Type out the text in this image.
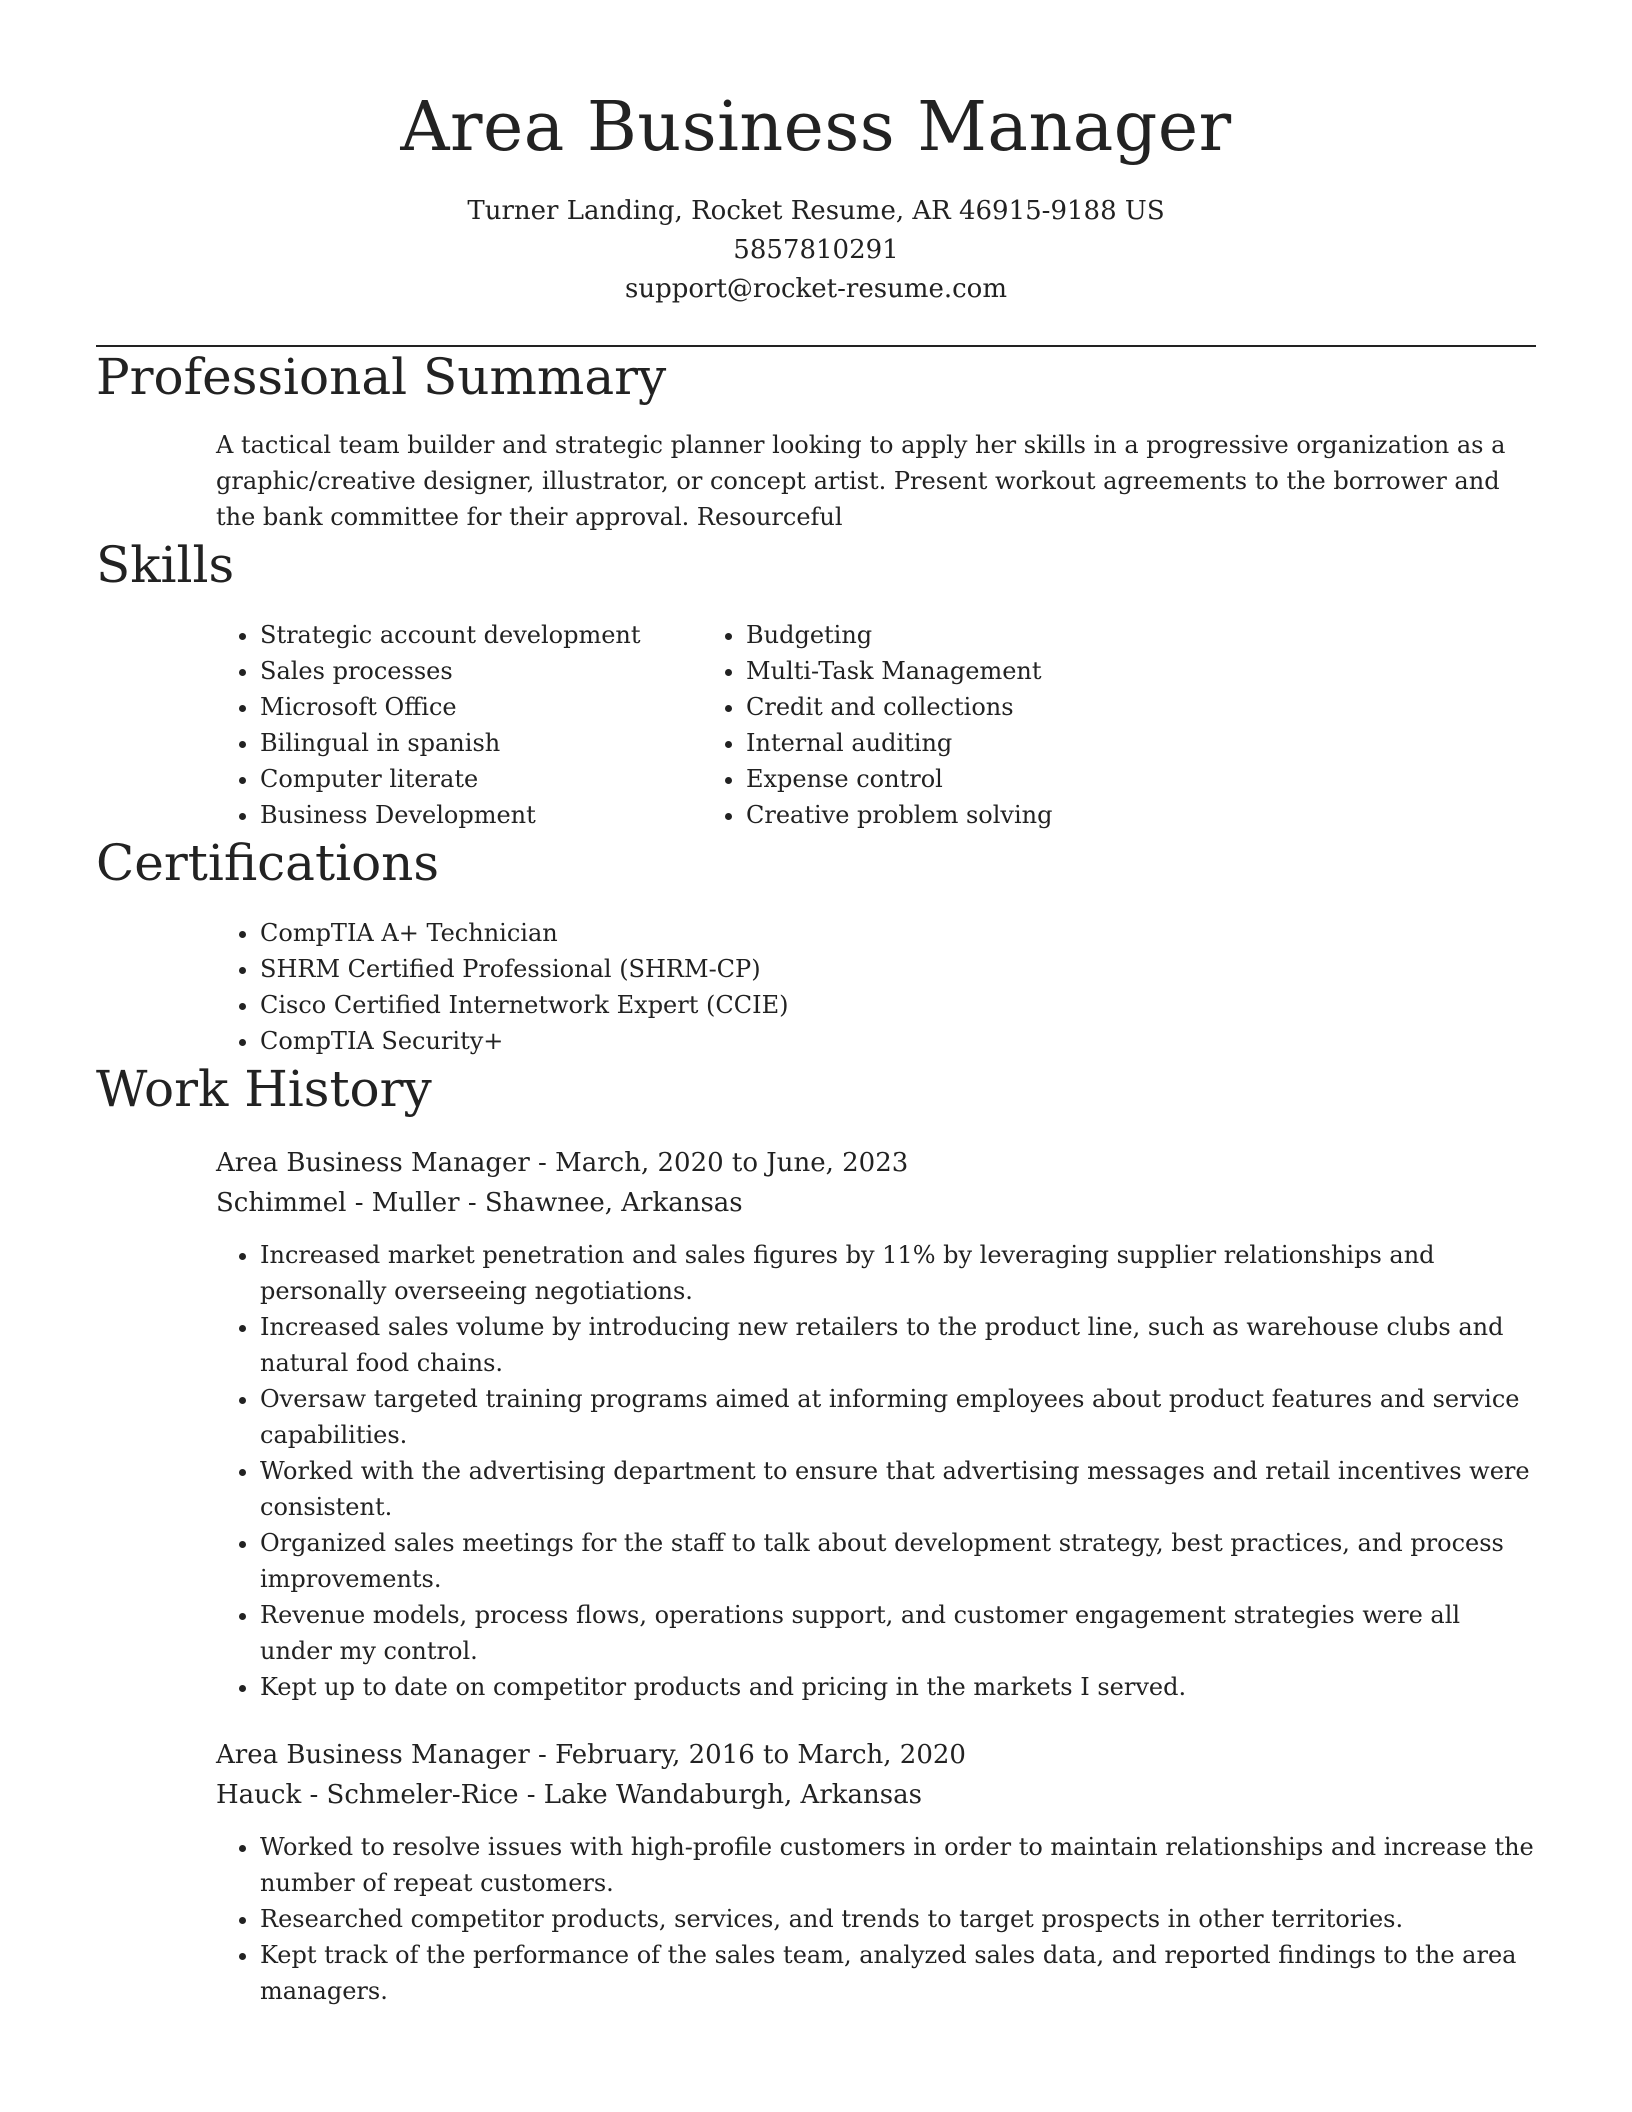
Area Business Manager
Turner Landing, Rocket Resume, AR 46915-9188 US
5857810291
support@rocket-resume.com
Professional Summary

A tactical team builder and strategic planner looking to apply her skills in a progressive organization as a graphic/creative designer, illustrator, or concept artist. Present workout agreements to the borrower and the bank committee for their approval. Resourceful

Skills
• Strategic account development
• Sales processes
• Microsoft Office
• Bilingual in spanish
• Computer literate
• Business Development
• Budgeting
• Multi-Task Management
• Credit and collections
• Internal auditing
• Expense control
• Creative problem solving
Certifications
• CompTIA A+ Technician
• SHRM Certified Professional (SHRM-CP)
• Cisco Certified Internetwork Expert (CCIE)
• CompTIA Security+
Work History
Area Business Manager - March, 2020 to June, 2023
Schimmel - Muller - Shawnee, Arkansas
• Increased market penetration and sales figures by 11% by leveraging supplier relationships and personally overseeing negotiations.
• Increased sales volume by introducing new retailers to the product line, such as warehouse clubs and natural food chains.
• Oversaw targeted training programs aimed at informing employees about product features and service capabilities.
• Worked with the advertising department to ensure that advertising messages and retail incentives were consistent.
• Organized sales meetings for the staff to talk about development strategy, best practices, and process improvements.
• Revenue models, process flows, operations support, and customer engagement strategies were all under my control.
• Kept up to date on competitor products and pricing in the markets I served.
Area Business Manager - February, 2016 to March, 2020
Hauck - Schmeler-Rice - Lake Wandaburgh, Arkansas
• Worked to resolve issues with high-profile customers in order to maintain relationships and increase the number of repeat customers.
• Researched competitor products, services, and trends to target prospects in other territories.
• Kept track of the performance of the sales team, analyzed sales data, and reported findings to the area managers.
